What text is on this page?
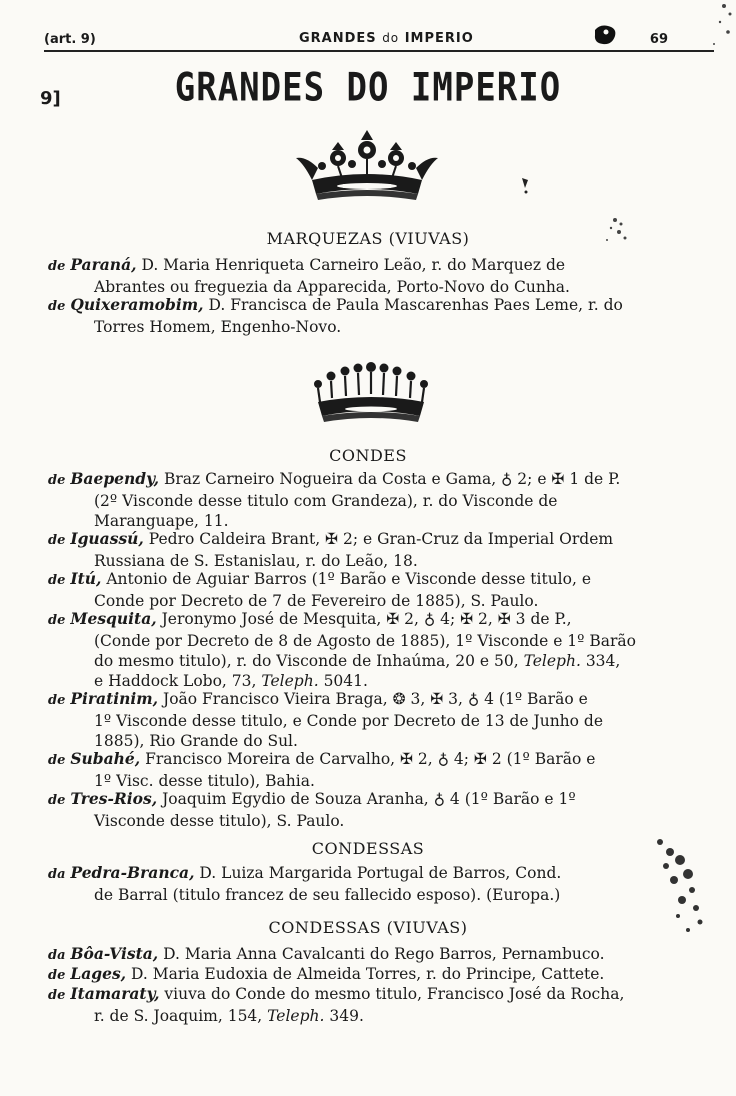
(art. 9)	GRANDES do IMPERIO	69
9]	GRANDES DO IMPERIO
MARQUEZAS (VIUVAS)
de Paraná, D. Maria Henriqueta Carneiro Leão, r. do Marquez de
Abrantes ou freguezia da Apparecida, Porto-Novo do Cunha.
de Quixeramobim, D. Francisca de Paula Mascarenhas Paes Leme, r. do
Torres Homem, Engenho-Novo.
CONDES
de Baependy, Braz Carneiro Nogueira da Costa e Gama, ♁ 2; e ✠ 1 de P.
(2º Visconde desse titulo com Grandeza), r. do Visconde de
Maranguape, 11.
de Iguassú, Pedro Caldeira Brant, ✠ 2; e Gran-Cruz da Imperial Ordem
Russiana de S. Estanislau, r. do Leão, 18.
de Itú, Antonio de Aguiar Barros (1º Barão e Visconde desse titulo, e
Conde por Decreto de 7 de Fevereiro de 1885), S. Paulo.
de Mesquita, Jeronymo José de Mesquita, ✠ 2, ♁ 4; ✠ 2, ✠ 3 de P.,
(Conde por Decreto de 8 de Agosto de 1885), 1º Visconde e 1º Barão
do mesmo titulo), r. do Visconde de Inhaúma, 20 e 50, Teleph. 334,
e Haddock Lobo, 73, Teleph. 5041.
de Piratinim, João Francisco Vieira Braga, ❂ 3, ✠ 3, ♁ 4 (1º Barão e
1º Visconde desse titulo, e Conde por Decreto de 13 de Junho de
1885), Rio Grande do Sul.
de Subahé, Francisco Moreira de Carvalho, ✠ 2, ♁ 4; ✠ 2 (1º Barão e
1º Visc. desse titulo), Bahia.
de Tres-Rios, Joaquim Egydio de Souza Aranha, ♁ 4 (1º Barão e 1º
Visconde desse titulo), S. Paulo.
CONDESSAS
da Pedra-Branca, D. Luiza Margarida Portugal de Barros, Cond.
de Barral (titulo francez de seu fallecido esposo). (Europa.)
CONDESSAS (VIUVAS)
da Bôa-Vista, D. Maria Anna Cavalcanti do Rego Barros, Pernambuco.
de Lages, D. Maria Eudoxia de Almeida Torres, r. do Principe, Cattete.
de Itamaraty, viuva do Conde do mesmo titulo, Francisco José da Rocha,
r. de S. Joaquim, 154, Teleph. 349.
